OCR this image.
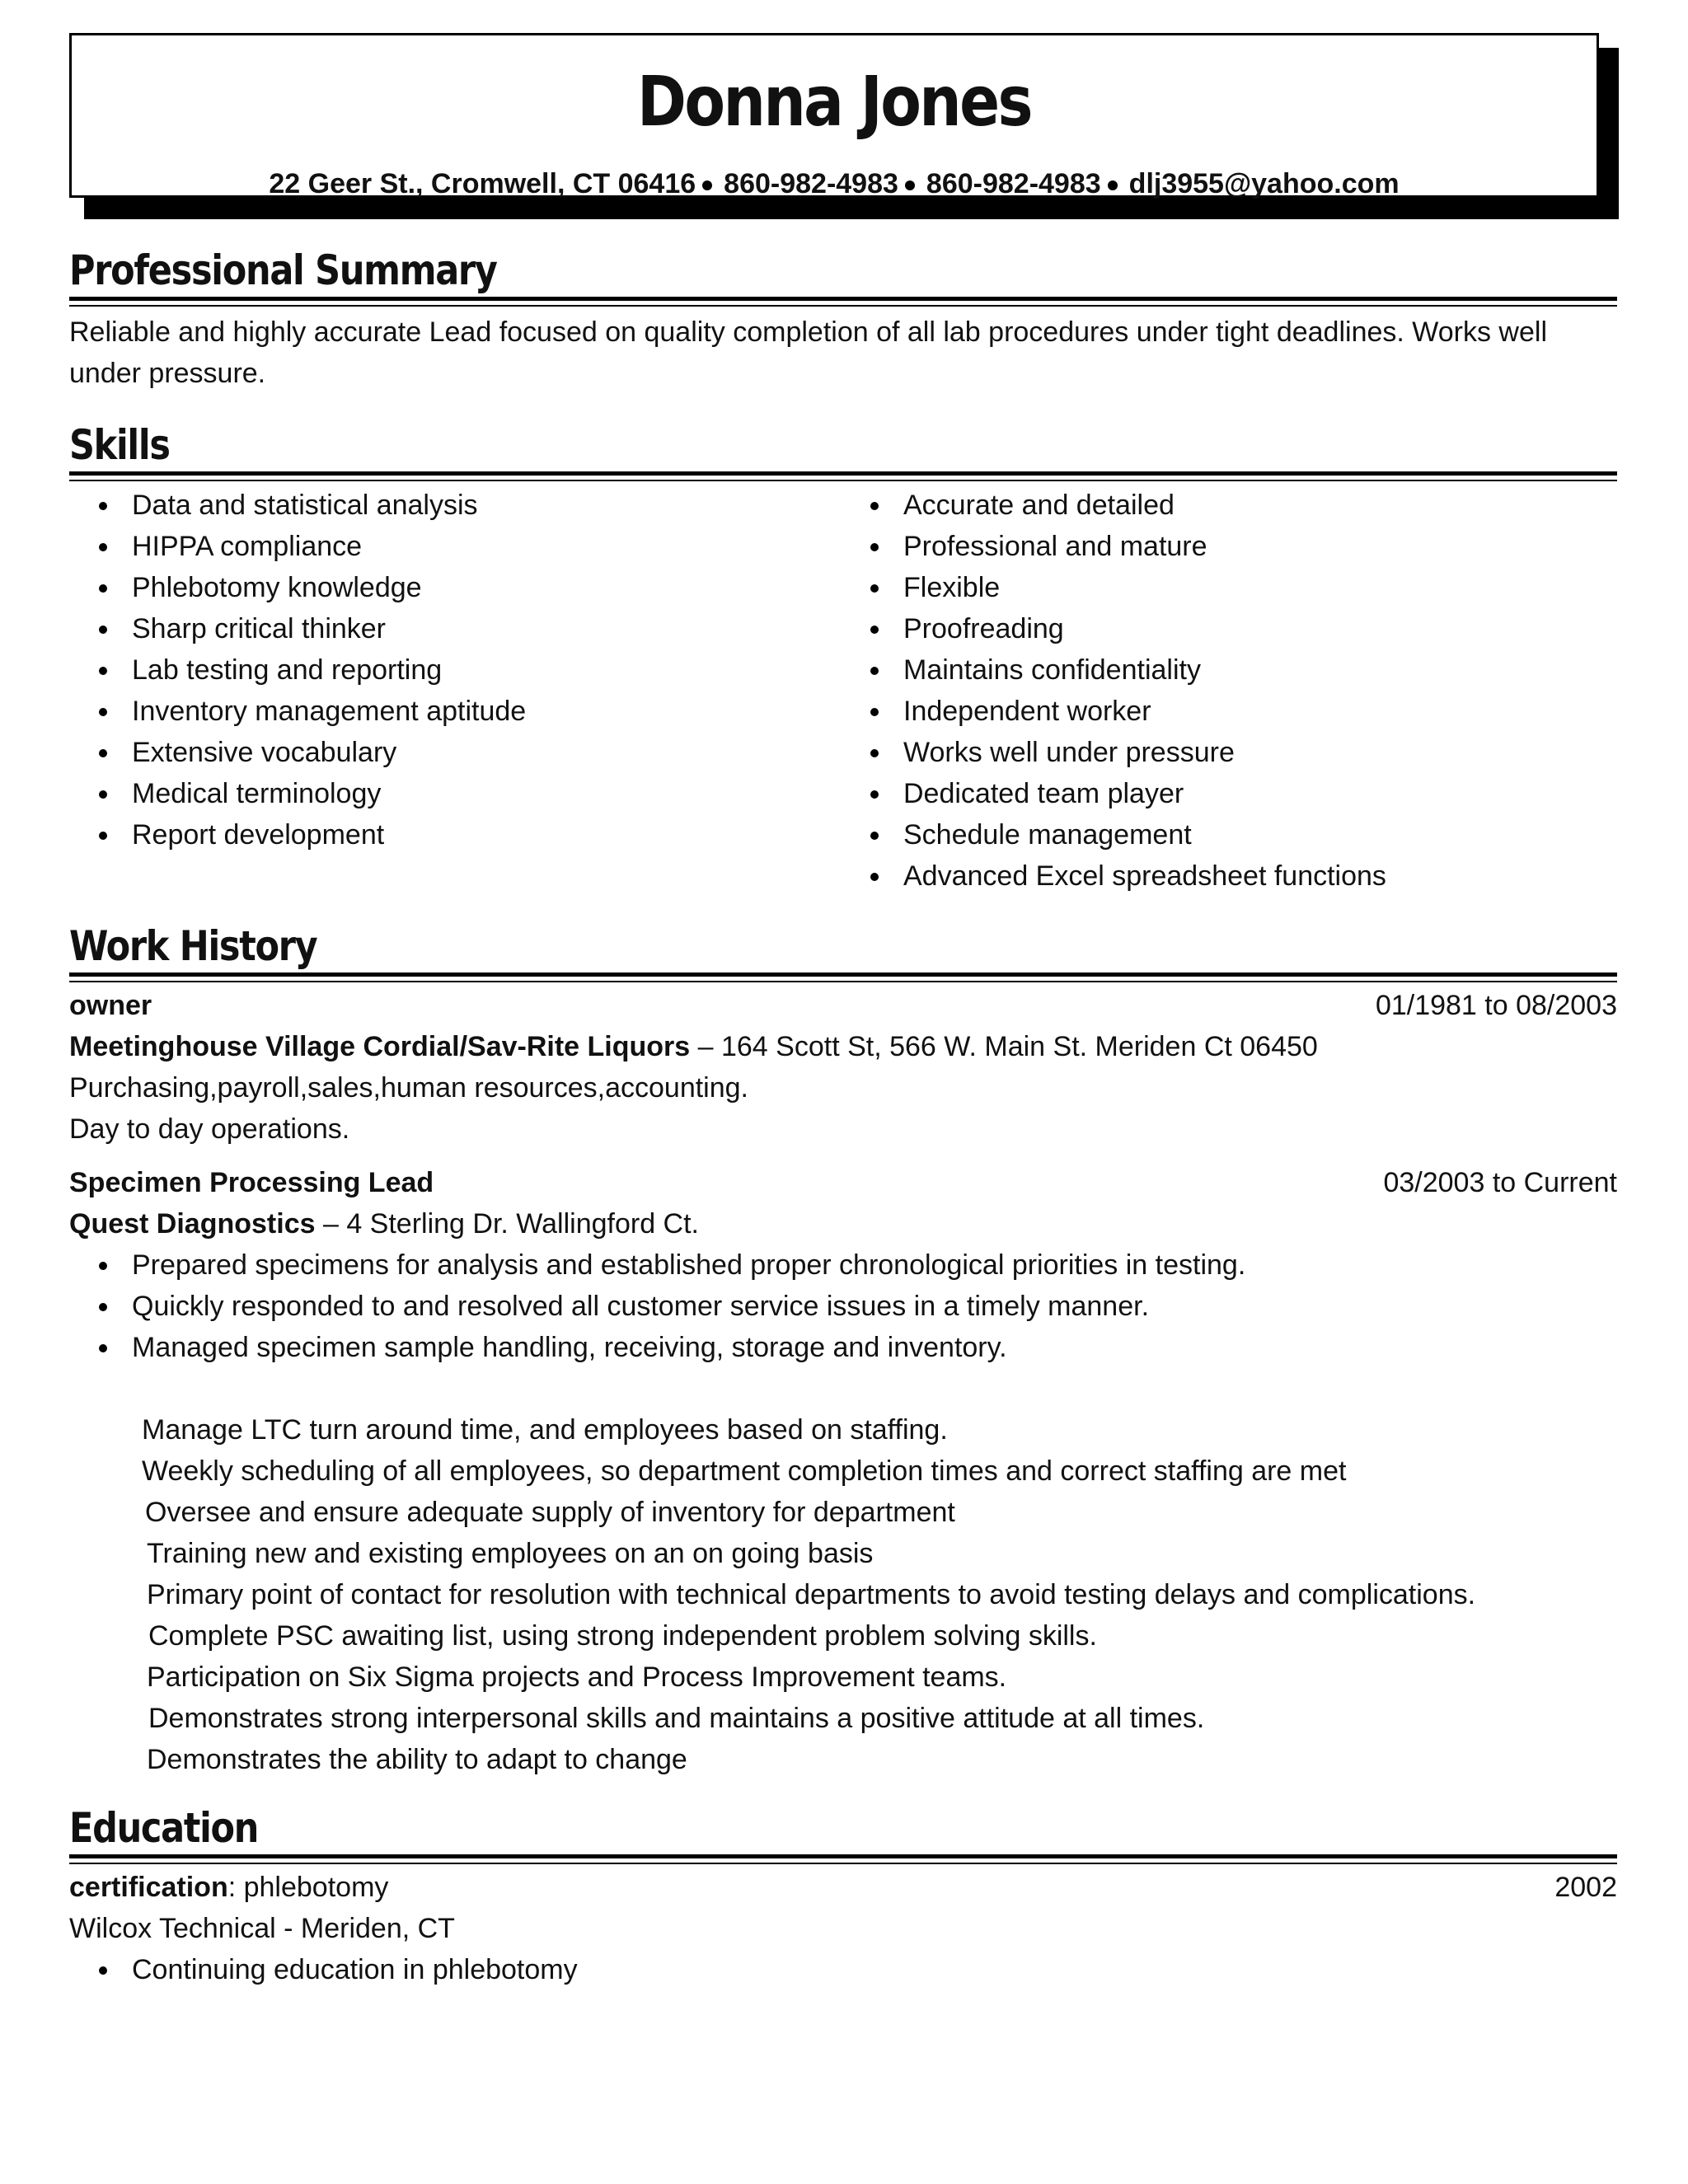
Donna Jones
22 Geer St., Cromwell, CT 06416 860-982-4983 860-982-4983 dlj3955@yahoo.com
Professional Summary
Reliable and highly accurate Lead focused on quality completion of all lab procedures under tight deadlines. Works well under pressure.
Skills
Data and statistical analysis
HIPPA compliance
Phlebotomy knowledge
Sharp critical thinker
Lab testing and reporting
Inventory management aptitude
Extensive vocabulary
Medical terminology
Report development
Accurate and detailed
Professional and mature
Flexible
Proofreading
Maintains confidentiality
Independent worker
Works well under pressure
Dedicated team player
Schedule management
Advanced Excel spreadsheet functions
Work History
owner	01/1981 to 08/2003
Meetinghouse Village Cordial/Sav-Rite Liquors – 164 Scott St, 566 W. Main St. Meriden Ct 06450
Purchasing,payroll,sales,human resources,accounting.
Day to day operations.
Specimen Processing Lead	03/2003 to Current
Quest Diagnostics – 4 Sterling Dr. Wallingford Ct.
Prepared specimens for analysis and established proper chronological priorities in testing.
Quickly responded to and resolved all customer service issues in a timely manner.
Managed specimen sample handling, receiving, storage and inventory.
Manage LTC turn around time, and employees based on staffing.
Weekly scheduling of all employees, so department completion times and correct staffing are met
Oversee and ensure adequate supply of inventory for department
Training new and existing employees on an on going basis
Primary point of contact for resolution with technical departments to avoid testing delays and complications.
Complete PSC awaiting list, using strong independent problem solving skills.
Participation on Six Sigma projects and Process Improvement teams.
Demonstrates strong interpersonal skills and maintains a positive attitude at all times.
Demonstrates the ability to adapt to change
Education
certification: phlebotomy	2002
Wilcox Technical - Meriden, CT
Continuing education in phlebotomy
